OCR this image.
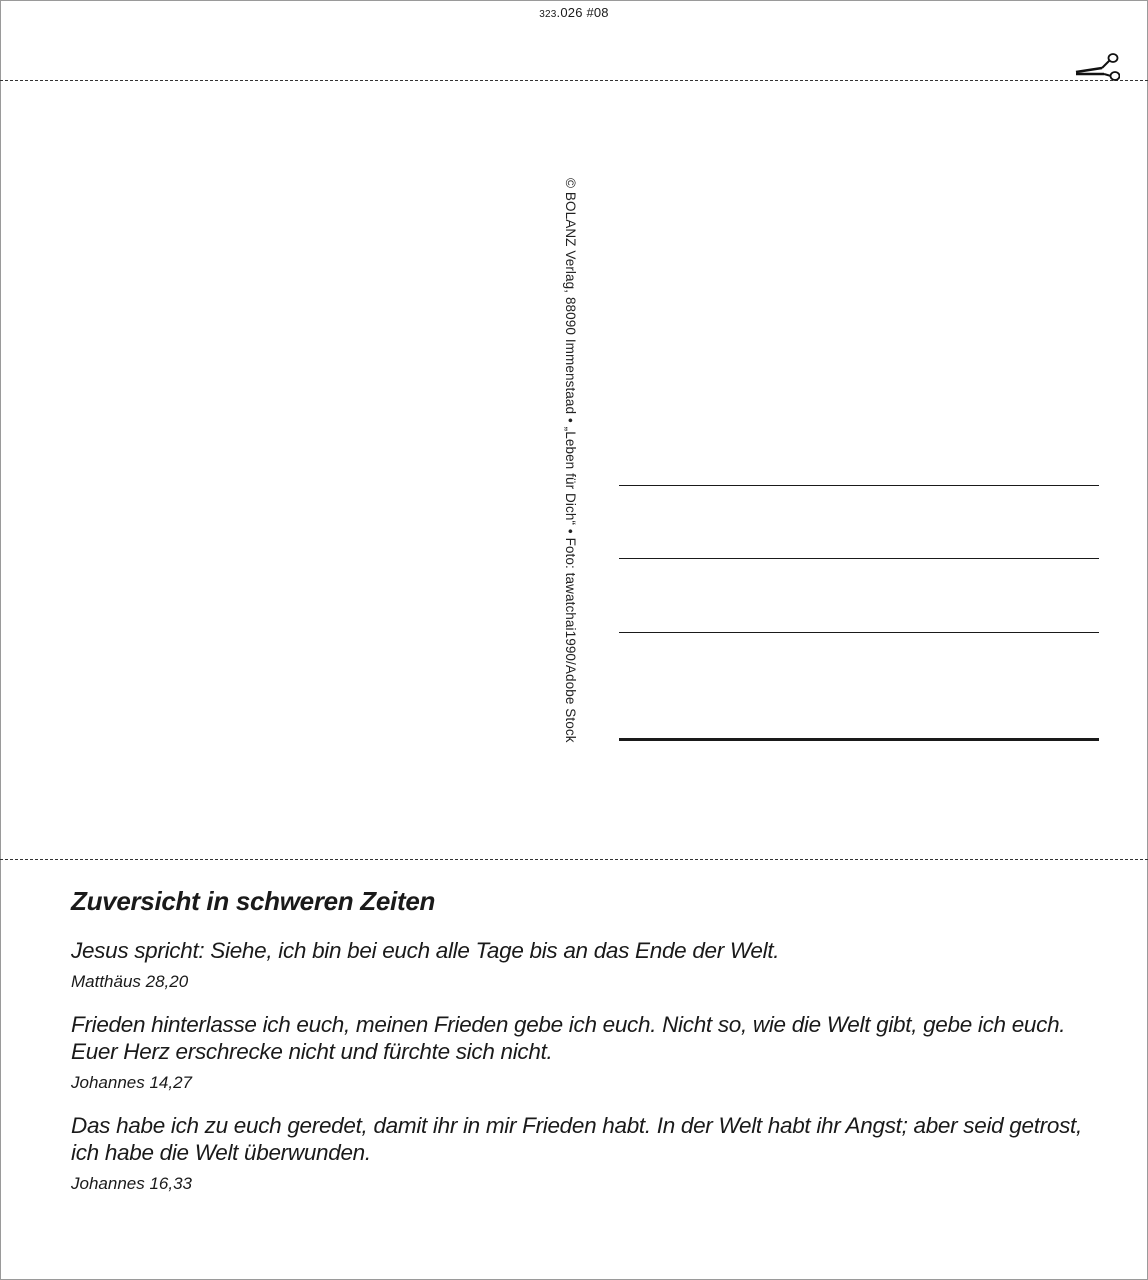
323.026 #08
© BOLANZ Verlag, 88090 Immenstaad • „Leben für Dich“ • Foto: tawatchai1990/Adobe Stock
Zuversicht in schweren Zeiten
Jesus spricht: Siehe, ich bin bei euch alle Tage bis an das Ende der Welt.
Matthäus 28,20
Frieden hinterlasse ich euch, meinen Frieden gebe ich euch. Nicht so, wie die Welt gibt, gebe ich euch. Euer Herz erschrecke nicht und fürchte sich nicht.
Johannes 14,27
Das habe ich zu euch geredet, damit ihr in mir Frieden habt. In der Welt habt ihr Angst; aber seid getrost, ich habe die Welt überwunden.
Johannes 16,33
